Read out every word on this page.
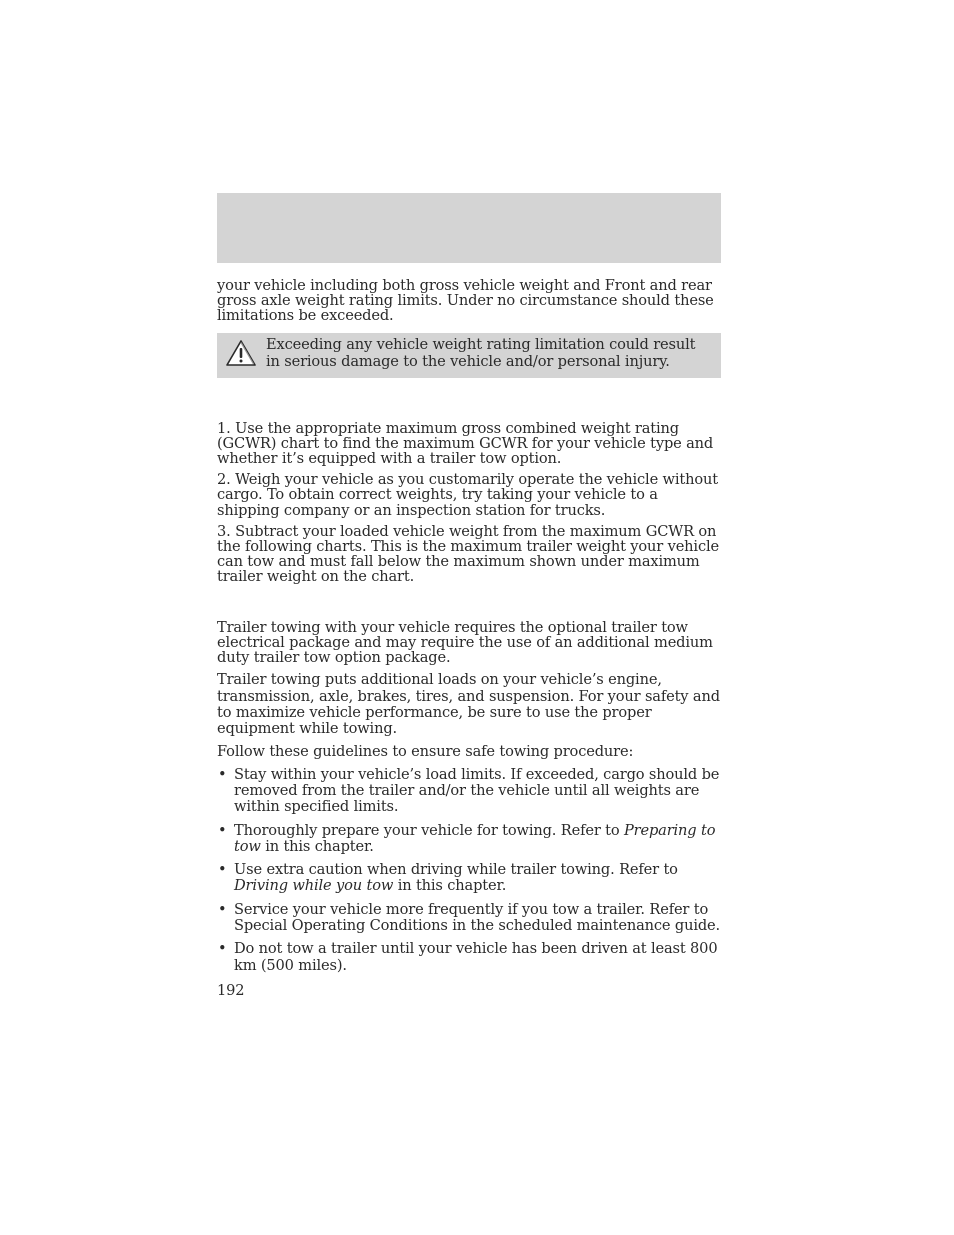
your vehicle including both gross vehicle weight and Front and rear gross axle weight rating limits. Under no circumstance should these limitations be exceeded.

Exceeding any vehicle weight rating limitation could result in serious damage to the vehicle and/or personal injury.

1. Use the appropriate maximum gross combined weight rating (GCWR) chart to find the maximum GCWR for your vehicle type and whether it’s equipped with a trailer tow option.

2. Weigh your vehicle as you customarily operate the vehicle without cargo. To obtain correct weights, try taking your vehicle to a shipping company or an inspection station for trucks.

3. Subtract your loaded vehicle weight from the maximum GCWR on the following charts. This is the maximum trailer weight your vehicle can tow and must fall below the maximum shown under maximum trailer weight on the chart.

Trailer towing with your vehicle requires the optional trailer tow electrical package and may require the use of an additional medium duty trailer tow option package.

Trailer towing puts additional loads on your vehicle’s engine, transmission, axle, brakes, tires, and suspension. For your safety and to maximize vehicle performance, be sure to use the proper equipment while towing.

Follow these guidelines to ensure safe towing procedure:

• Stay within your vehicle’s load limits. If exceeded, cargo should be removed from the trailer and/or the vehicle until all weights are within specified limits.
• Thoroughly prepare your vehicle for towing. Refer to Preparing to tow in this chapter.
• Use extra caution when driving while trailer towing. Refer to Driving while you tow in this chapter.
• Service your vehicle more frequently if you tow a trailer. Refer to Special Operating Conditions in the scheduled maintenance guide.
• Do not tow a trailer until your vehicle has been driven at least 800 km (500 miles).

192
